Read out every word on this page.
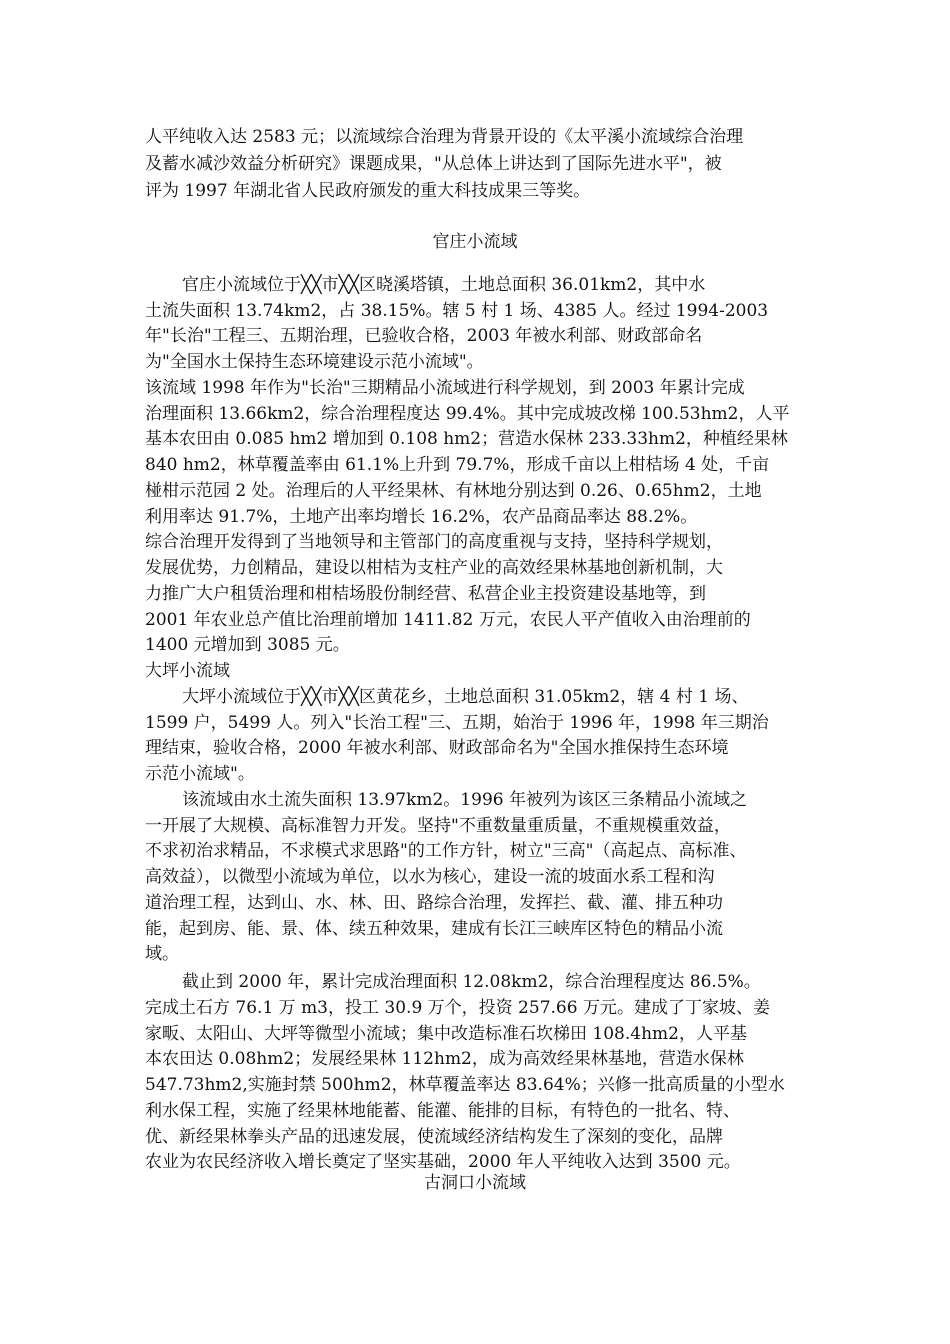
人平纯收入达 2583 元；以流域综合治理为背景开设的《太平溪小流域综合治理

及蓄水减沙效益分析研究》课题成果，"从总体上讲达到了国际先进水平"，被

评为 1997 年湖北省人民政府颁发的重大科技成果三等奖。

官庄小流域

官庄小流域位于╳╳市╳╳区晓溪塔镇，土地总面积 36.01km2，其中水

土流失面积 13.74km2，占 38.15%。辖 5 村 1 场、4385 人。经过 1994-2003

年"长治"工程三、五期治理，已验收合格，2003 年被水利部、财政部命名

为"全国水土保持生态环境建设示范小流域"。

该流域 1998 年作为"长治"三期精品小流域进行科学规划，到 2003 年累计完成

治理面积 13.66km2，综合治理程度达 99.4%。其中完成坡改梯 100.53hm2，人平

基本农田由 0.085 hm2 增加到 0.108 hm2；营造水保林 233.33hm2，种植经果林

840 hm2，林草覆盖率由 61.1%上升到 79.7%，形成千亩以上柑桔场 4 处，千亩

椪柑示范园 2 处。治理后的人平经果林、有林地分别达到 0.26、0.65hm2，土地

利用率达 91.7%，土地产出率均增长 16.2%，农产品商品率达 88.2%。

综合治理开发得到了当地领导和主管部门的高度重视与支持，坚持科学规划，

发展优势，力创精品，建设以柑桔为支柱产业的高效经果林基地创新机制，大

力推广大户租赁治理和柑桔场股份制经营、私营企业主投资建设基地等，到

2001 年农业总产值比治理前增加 1411.82 万元，农民人平产值收入由治理前的

1400 元增加到 3085 元。

大坪小流域

大坪小流域位于╳╳市╳╳区黄花乡，土地总面积 31.05km2，辖 4 村 1 场、

1599 户，5499 人。列入"长治工程"三、五期，始治于 1996 年，1998 年三期治

理结束，验收合格，2000 年被水利部、财政部命名为"全国水推保持生态环境

示范小流域"。

该流域由水土流失面积 13.97km2。1996 年被列为该区三条精品小流域之

一开展了大规模、高标准智力开发。坚持"不重数量重质量，不重规模重效益，

不求初治求精品，不求模式求思路"的工作方针，树立"三高"（高起点、高标准、

高效益），以微型小流域为单位，以水为核心，建设一流的坡面水系工程和沟

道治理工程，达到山、水、林、田、路综合治理，发挥拦、截、灌、排五种功

能，起到房、能、景、体、续五种效果，建成有长江三峡库区特色的精品小流

域。

截止到 2000 年，累计完成治理面积 12.08km2，综合治理程度达 86.5%。

完成土石方 76.1 万 m3，投工 30.9 万个，投资 257.66 万元。建成了丁家坡、姜

家畈、太阳山、大坪等微型小流域；集中改造标准石坎梯田 108.4hm2，人平基

本农田达 0.08hm2；发展经果林 112hm2，成为高效经果林基地，营造水保林

547.73hm2,实施封禁 500hm2，林草覆盖率达 83.64%；兴修一批高质量的小型水

利水保工程，实施了经果林地能蓄、能灌、能排的目标，有特色的一批名、特、

优、新经果林拳头产品的迅速发展，使流域经济结构发生了深刻的变化，品牌

农业为农民经济收入增长奠定了坚实基础，2000 年人平纯收入达到 3500 元。

古洞口小流域
